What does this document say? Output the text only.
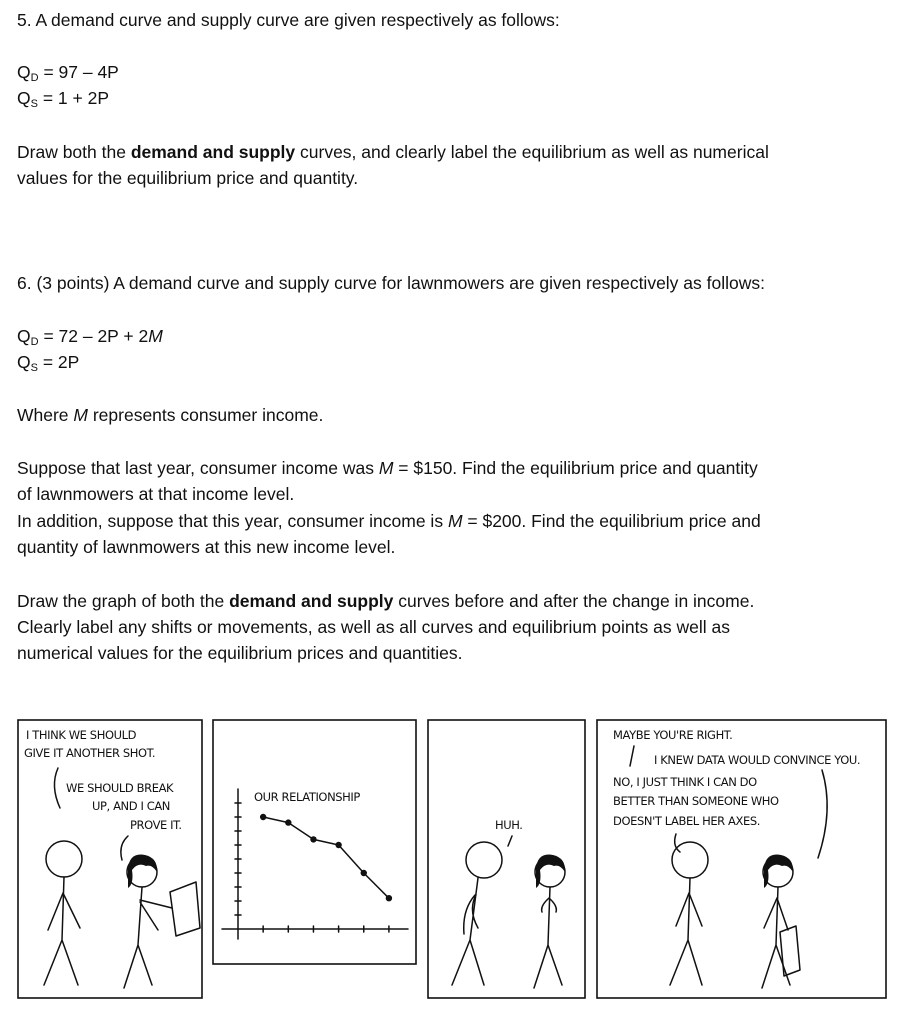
5. A demand curve and supply curve are given respectively as follows:
QD = 97 – 4P
QS = 1 + 2P
Draw both the demand and supply curves, and clearly label the equilibrium as well as numerical
values for the equilibrium price and quantity.
6. (3 points) A demand curve and supply curve for lawnmowers are given respectively as follows:
QD = 72 – 2P + 2M
QS = 2P
Where M represents consumer income.
Suppose that last year, consumer income was M = $150. Find the equilibrium price and quantity
of lawnmowers at that income level.
In addition, suppose that this year, consumer income is M = $200. Find the equilibrium price and
quantity of lawnmowers at this new income level.
Draw the graph of both the demand and supply curves before and after the change in income.
Clearly label any shifts or movements, as well as all curves and equilibrium points as well as
numerical values for the equilibrium prices and quantities.
I THINK WE SHOULD
GIVE IT ANOTHER SHOT.
WE SHOULD BREAK
UP, AND I CAN
PROVE IT.
OUR RELATIONSHIP
HUH.
MAYBE YOU'RE RIGHT.
I KNEW DATA WOULD CONVINCE YOU.
NO, I JUST THINK I CAN DO
BETTER THAN SOMEONE WHO
DOESN'T LABEL HER AXES.
